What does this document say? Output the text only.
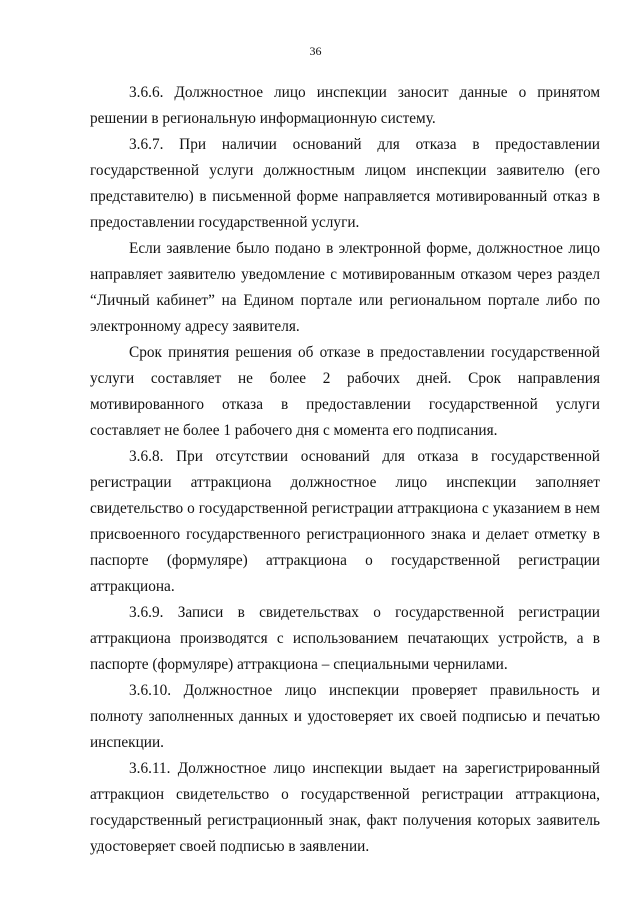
36

3.6.6. Должностное лицо инспекции заносит данные о принятом решении в региональную информационную систему.

3.6.7. При наличии оснований для отказа в предоставлении государственной услуги должностным лицом инспекции заявителю (его представителю) в письменной форме направляется мотивированный отказ в предоставлении государственной услуги.

Если заявление было подано в электронной форме, должностное лицо направляет заявителю уведомление с мотивированным отказом через раздел “Личный кабинет” на Едином портале или региональном портале либо по электронному адресу заявителя.

Срок принятия решения об отказе в предоставлении государственной услуги составляет не более 2 рабочих дней. Срок направления мотивированного отказа в предоставлении государственной услуги составляет не более 1 рабочего дня с момента его подписания.

3.6.8. При отсутствии оснований для отказа в государственной регистрации аттракциона должностное лицо инспекции заполняет свидетельство о государственной регистрации аттракциона с указанием в нем присвоенного государственного регистрационного знака и делает отметку в паспорте (формуляре) аттракциона о государственной регистрации аттракциона.

3.6.9. Записи в свидетельствах о государственной регистрации аттракциона производятся с использованием печатающих устройств, а в паспорте (формуляре) аттракциона – специальными чернилами.

3.6.10. Должностное лицо инспекции проверяет правильность и полноту заполненных данных и удостоверяет их своей подписью и печатью инспекции.

3.6.11. Должностное лицо инспекции выдает на зарегистрированный аттракцион свидетельство о государственной регистрации аттракциона, государственный регистрационный знак, факт получения которых заявитель удостоверяет своей подписью в заявлении.
